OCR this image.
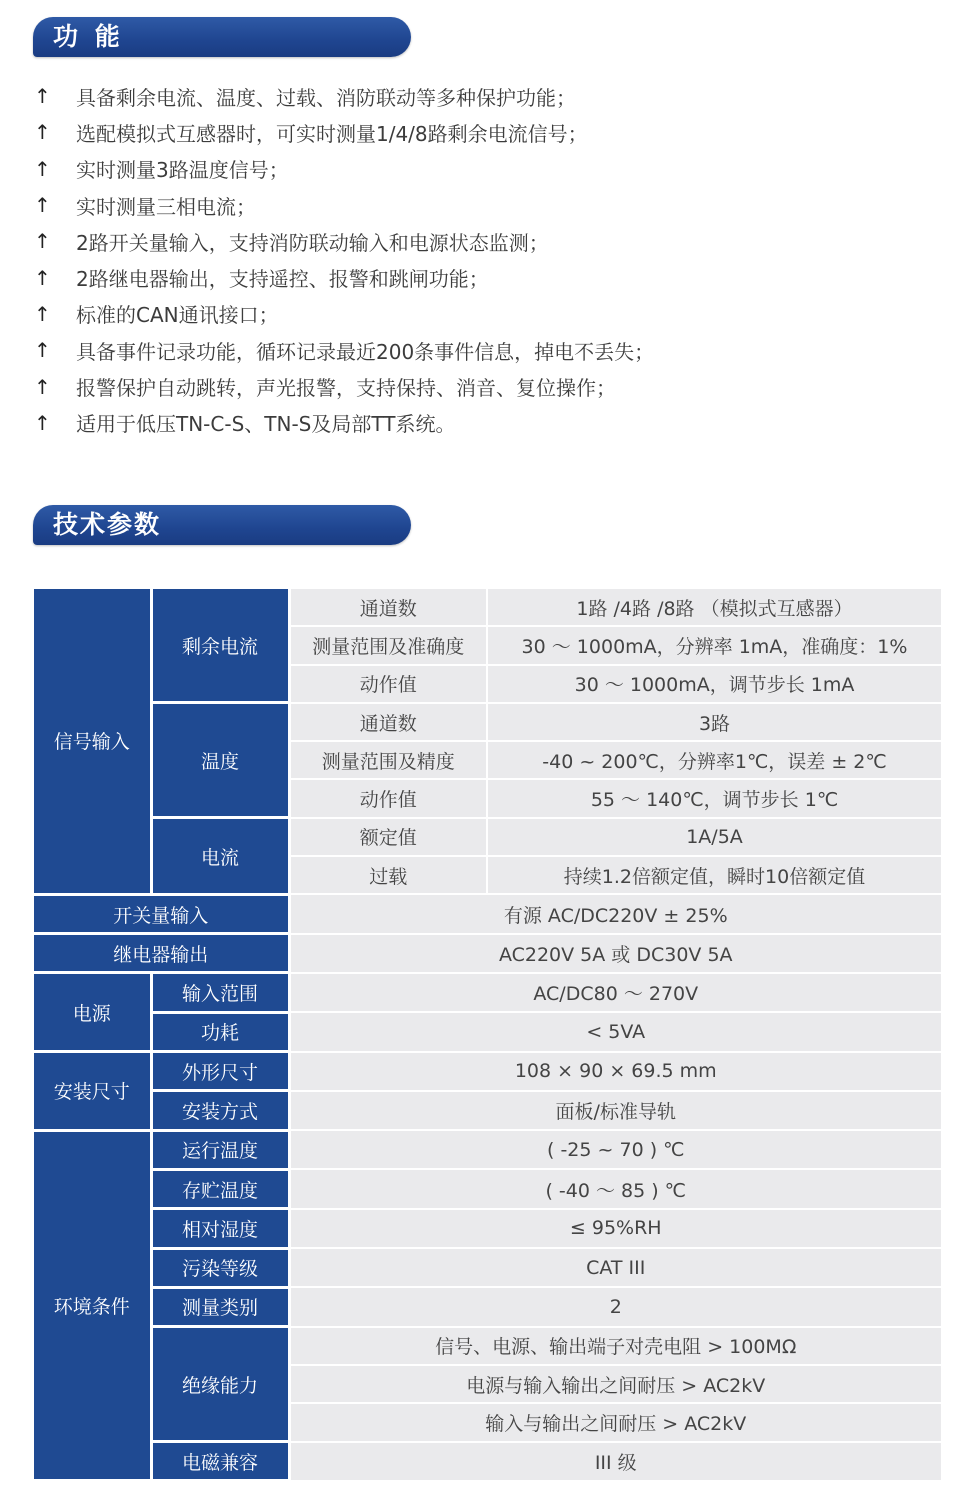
功 能
↑	具备剩余电流、温度、过载、消防联动等多种保护功能；
↑	选配模拟式互感器时，可实时测量1/4/8路剩余电流信号；
↑	实时测量3路温度信号；
↑	实时测量三相电流；
↑	2路开关量输入，支持消防联动输入和电源状态监测；
↑	2路继电器输出，支持遥控、报警和跳闸功能；
↑	标准的CAN通讯接口；
↑	具备事件记录功能，循环记录最近200条事件信息，掉电不丢失；
↑	报警保护自动跳转，声光报警，支持保持、消音、复位操作；
↑	适用于低压TN-C-S、TN-S及局部TT系统。
技术参数
信号输入	剩余电流	通道数	1路 /4路 /8路 （模拟式互感器）
		测量范围及准确度	30 ～ 1000mA，分辨率 1mA，准确度：1%
		动作值	30 ～ 1000mA，调节步长 1mA
	温度	通道数	3路
		测量范围及精度	-40 ~ 200℃，分辨率1℃，误差 ± 2℃
		动作值	55 ～ 140℃，调节步长 1℃
	电流	额定值	1A/5A
		过载	持续1.2倍额定值，瞬时10倍额定值
开关量输入		有源 AC/DC220V ± 25%	
继电器输出		AC220V 5A 或 DC30V 5A	
电源	输入范围	AC/DC80 ～ 270V	
	功耗	< 5VA	
安装尺寸	外形尺寸	108 × 90 × 69.5 mm	
	安装方式	面板/标准导轨	
环境条件	运行温度	( -25 ~ 70 ) ℃	
	存贮温度	( -40 ～ 85 ) ℃	
	相对湿度	≤ 95%RH	
	污染等级	CAT III	
	测量类别	2	
	绝缘能力	信号、电源、输出端子对壳电阻 > 100MΩ	
		电源与输入输出之间耐压 > AC2kV	
		输入与输出之间耐压 > AC2kV	
	电磁兼容	III 级	
